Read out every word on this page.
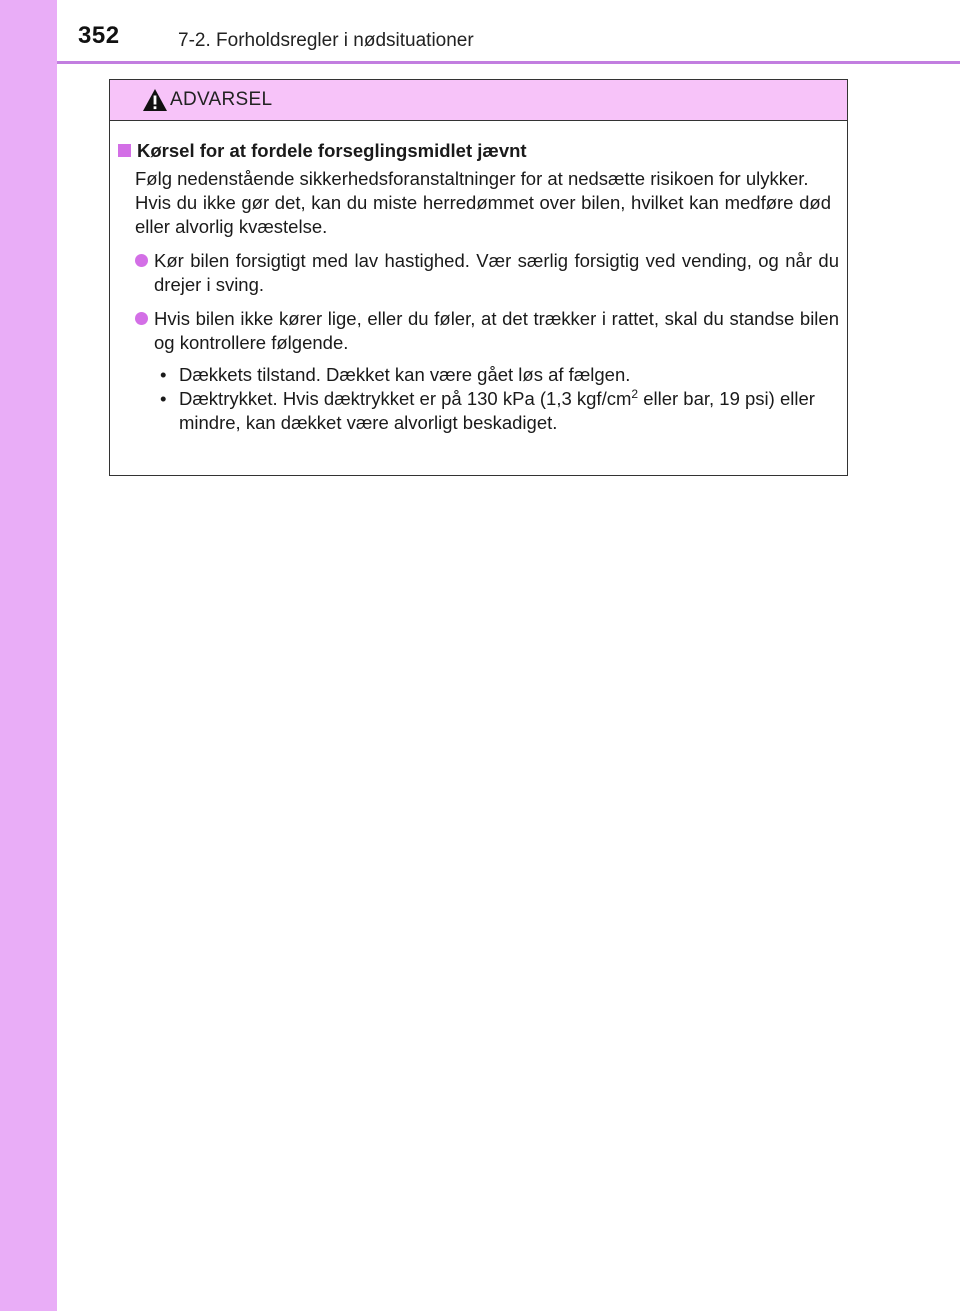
352	7-2. Forholdsregler i nødsituationer
ADVARSEL
Kørsel for at fordele forseglingsmidlet jævnt
Følg nedenstående sikkerhedsforanstaltninger for at nedsætte risikoen for ulykker.
Hvis du ikke gør det, kan du miste herredømmet over bilen, hvilket kan medføre død eller alvorlig kvæstelse.
Kør bilen forsigtigt med lav hastighed. Vær særlig forsigtig ved vending, og når du drejer i sving.
Hvis bilen ikke kører lige, eller du føler, at det trækker i rattet, skal du standse bilen og kontrollere følgende.
• Dækkets tilstand. Dækket kan være gået løs af fælgen.
• Dæktrykket. Hvis dæktrykket er på 130 kPa (1,3 kgf/$cm^2$ eller bar, 19 psi) eller mindre, kan dækket være alvorligt beskadiget.
